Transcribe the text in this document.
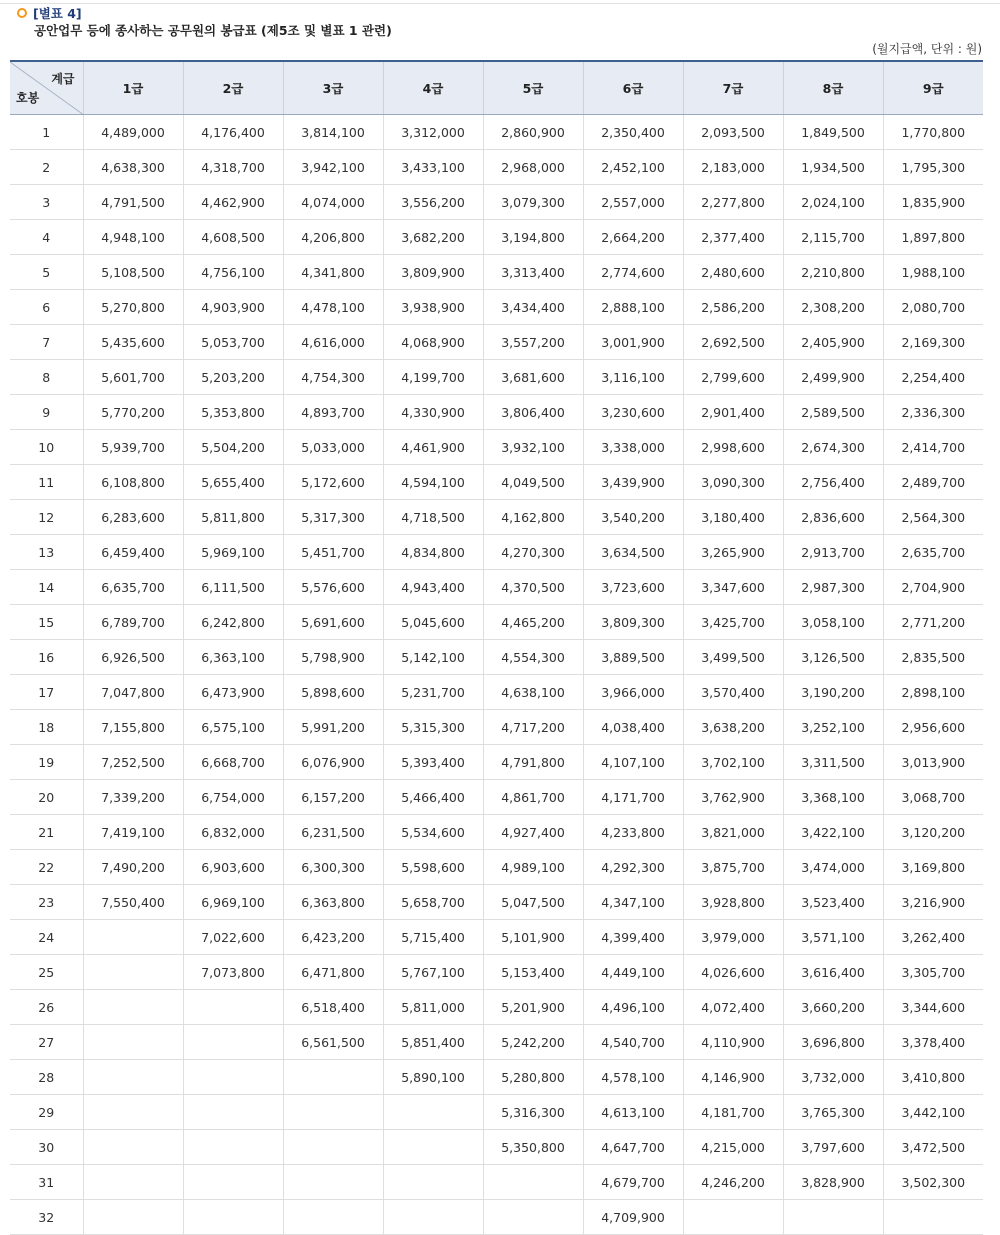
[별표 4]
공안업무 등에 종사하는 공무원의 봉급표 (제5조 및 별표 1 관련)
(월지급액, 단위 : 원)
계급
호봉	1급	2급	3급	4급	5급	6급	7급	8급	9급
1	4,489,000	4,176,400	3,814,100	3,312,000	2,860,900	2,350,400	2,093,500	1,849,500	1,770,800
2	4,638,300	4,318,700	3,942,100	3,433,100	2,968,000	2,452,100	2,183,000	1,934,500	1,795,300
3	4,791,500	4,462,900	4,074,000	3,556,200	3,079,300	2,557,000	2,277,800	2,024,100	1,835,900
4	4,948,100	4,608,500	4,206,800	3,682,200	3,194,800	2,664,200	2,377,400	2,115,700	1,897,800
5	5,108,500	4,756,100	4,341,800	3,809,900	3,313,400	2,774,600	2,480,600	2,210,800	1,988,100
6	5,270,800	4,903,900	4,478,100	3,938,900	3,434,400	2,888,100	2,586,200	2,308,200	2,080,700
7	5,435,600	5,053,700	4,616,000	4,068,900	3,557,200	3,001,900	2,692,500	2,405,900	2,169,300
8	5,601,700	5,203,200	4,754,300	4,199,700	3,681,600	3,116,100	2,799,600	2,499,900	2,254,400
9	5,770,200	5,353,800	4,893,700	4,330,900	3,806,400	3,230,600	2,901,400	2,589,500	2,336,300
10	5,939,700	5,504,200	5,033,000	4,461,900	3,932,100	3,338,000	2,998,600	2,674,300	2,414,700
11	6,108,800	5,655,400	5,172,600	4,594,100	4,049,500	3,439,900	3,090,300	2,756,400	2,489,700
12	6,283,600	5,811,800	5,317,300	4,718,500	4,162,800	3,540,200	3,180,400	2,836,600	2,564,300
13	6,459,400	5,969,100	5,451,700	4,834,800	4,270,300	3,634,500	3,265,900	2,913,700	2,635,700
14	6,635,700	6,111,500	5,576,600	4,943,400	4,370,500	3,723,600	3,347,600	2,987,300	2,704,900
15	6,789,700	6,242,800	5,691,600	5,045,600	4,465,200	3,809,300	3,425,700	3,058,100	2,771,200
16	6,926,500	6,363,100	5,798,900	5,142,100	4,554,300	3,889,500	3,499,500	3,126,500	2,835,500
17	7,047,800	6,473,900	5,898,600	5,231,700	4,638,100	3,966,000	3,570,400	3,190,200	2,898,100
18	7,155,800	6,575,100	5,991,200	5,315,300	4,717,200	4,038,400	3,638,200	3,252,100	2,956,600
19	7,252,500	6,668,700	6,076,900	5,393,400	4,791,800	4,107,100	3,702,100	3,311,500	3,013,900
20	7,339,200	6,754,000	6,157,200	5,466,400	4,861,700	4,171,700	3,762,900	3,368,100	3,068,700
21	7,419,100	6,832,000	6,231,500	5,534,600	4,927,400	4,233,800	3,821,000	3,422,100	3,120,200
22	7,490,200	6,903,600	6,300,300	5,598,600	4,989,100	4,292,300	3,875,700	3,474,000	3,169,800
23	7,550,400	6,969,100	6,363,800	5,658,700	5,047,500	4,347,100	3,928,800	3,523,400	3,216,900
24		7,022,600	6,423,200	5,715,400	5,101,900	4,399,400	3,979,000	3,571,100	3,262,400
25		7,073,800	6,471,800	5,767,100	5,153,400	4,449,100	4,026,600	3,616,400	3,305,700
26			6,518,400	5,811,000	5,201,900	4,496,100	4,072,400	3,660,200	3,344,600
27			6,561,500	5,851,400	5,242,200	4,540,700	4,110,900	3,696,800	3,378,400
28				5,890,100	5,280,800	4,578,100	4,146,900	3,732,000	3,410,800
29					5,316,300	4,613,100	4,181,700	3,765,300	3,442,100
30					5,350,800	4,647,700	4,215,000	3,797,600	3,472,500
31						4,679,700	4,246,200	3,828,900	3,502,300
32						4,709,900			
